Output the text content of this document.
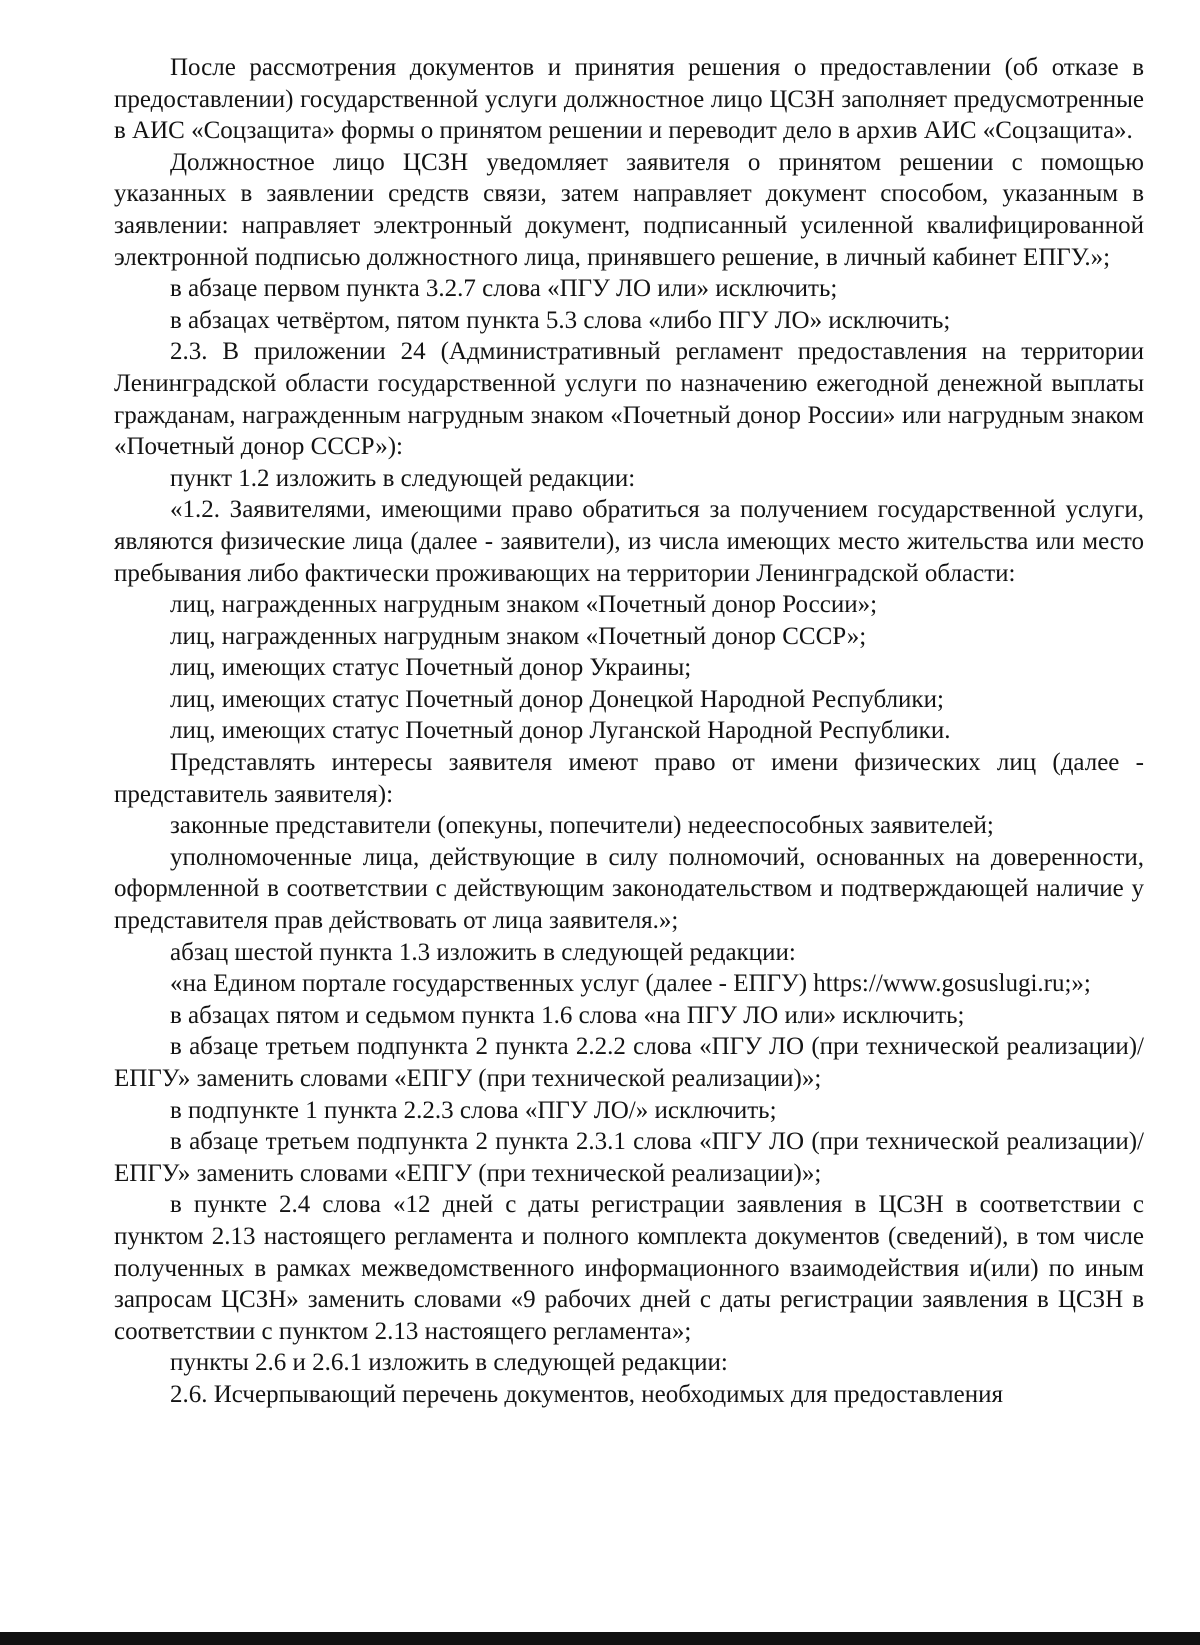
После рассмотрения документов и принятия решения о предоставлении (об отказе в предоставлении) государственной услуги должностное лицо ЦСЗН заполняет предусмотренные в АИС «Соцзащита» формы о принятом решении и переводит дело в архив АИС «Соцзащита».

Должностное лицо ЦСЗН уведомляет заявителя о принятом решении с помощью указанных в заявлении средств связи, затем направляет документ способом, указанным в заявлении: направляет электронный документ, подписанный усиленной квалифицированной электронной подписью должностного лица, принявшего решение, в личный кабинет ЕПГУ.»;

в абзаце первом пункта 3.2.7 слова «ПГУ ЛО или» исключить;

в абзацах четвёртом, пятом пункта 5.3 слова «либо ПГУ ЛО» исключить;

2.3. В приложении 24 (Административный регламент предоставления на территории Ленинградской области государственной услуги по назначению ежегодной денежной выплаты гражданам, награжденным нагрудным знаком «Почетный донор России» или нагрудным знаком «Почетный донор СССР»):

пункт 1.2 изложить в следующей редакции:

«1.2. Заявителями, имеющими право обратиться за получением государственной услуги, являются физические лица (далее - заявители), из числа имеющих место жительства или место пребывания либо фактически проживающих на территории Ленинградской области:

лиц, награжденных нагрудным знаком «Почетный донор России»;

лиц, награжденных нагрудным знаком «Почетный донор СССР»;

лиц, имеющих статус Почетный донор Украины;

лиц, имеющих статус Почетный донор Донецкой Народной Республики;

лиц, имеющих статус Почетный донор Луганской Народной Республики.

Представлять интересы заявителя имеют право от имени физических лиц (далее - представитель заявителя):

законные представители (опекуны, попечители) недееспособных заявителей;

уполномоченные лица, действующие в силу полномочий, основанных на доверенности, оформленной в соответствии с действующим законодательством и подтверждающей наличие у представителя прав действовать от лица заявителя.»;

абзац шестой пункта 1.3 изложить в следующей редакции:

«на Едином портале государственных услуг (далее - ЕПГУ) https://www.gosuslugi.ru;»;

в абзацах пятом и седьмом пункта 1.6 слова «на ПГУ ЛО или» исключить;

в абзаце третьем подпункта 2 пункта 2.2.2 слова «ПГУ ЛО (при технической реализации)/ЕПГУ» заменить словами «ЕПГУ (при технической реализации)»;

в подпункте 1 пункта 2.2.3 слова «ПГУ ЛО/» исключить;

в абзаце третьем подпункта 2 пункта 2.3.1 слова «ПГУ ЛО (при технической реализации)/ЕПГУ» заменить словами «ЕПГУ (при технической реализации)»;

в пункте 2.4 слова «12 дней с даты регистрации заявления в ЦСЗН в соответствии с пунктом 2.13 настоящего регламента и полного комплекта документов (сведений), в том числе полученных в рамках межведомственного информационного взаимодействия и(или) по иным запросам ЦСЗН» заменить словами «9 рабочих дней с даты регистрации заявления в ЦСЗН в соответствии с пунктом 2.13 настоящего регламента»;

пункты 2.6 и 2.6.1 изложить в следующей редакции:

2.6. Исчерпывающий перечень документов, необходимых для предоставления
